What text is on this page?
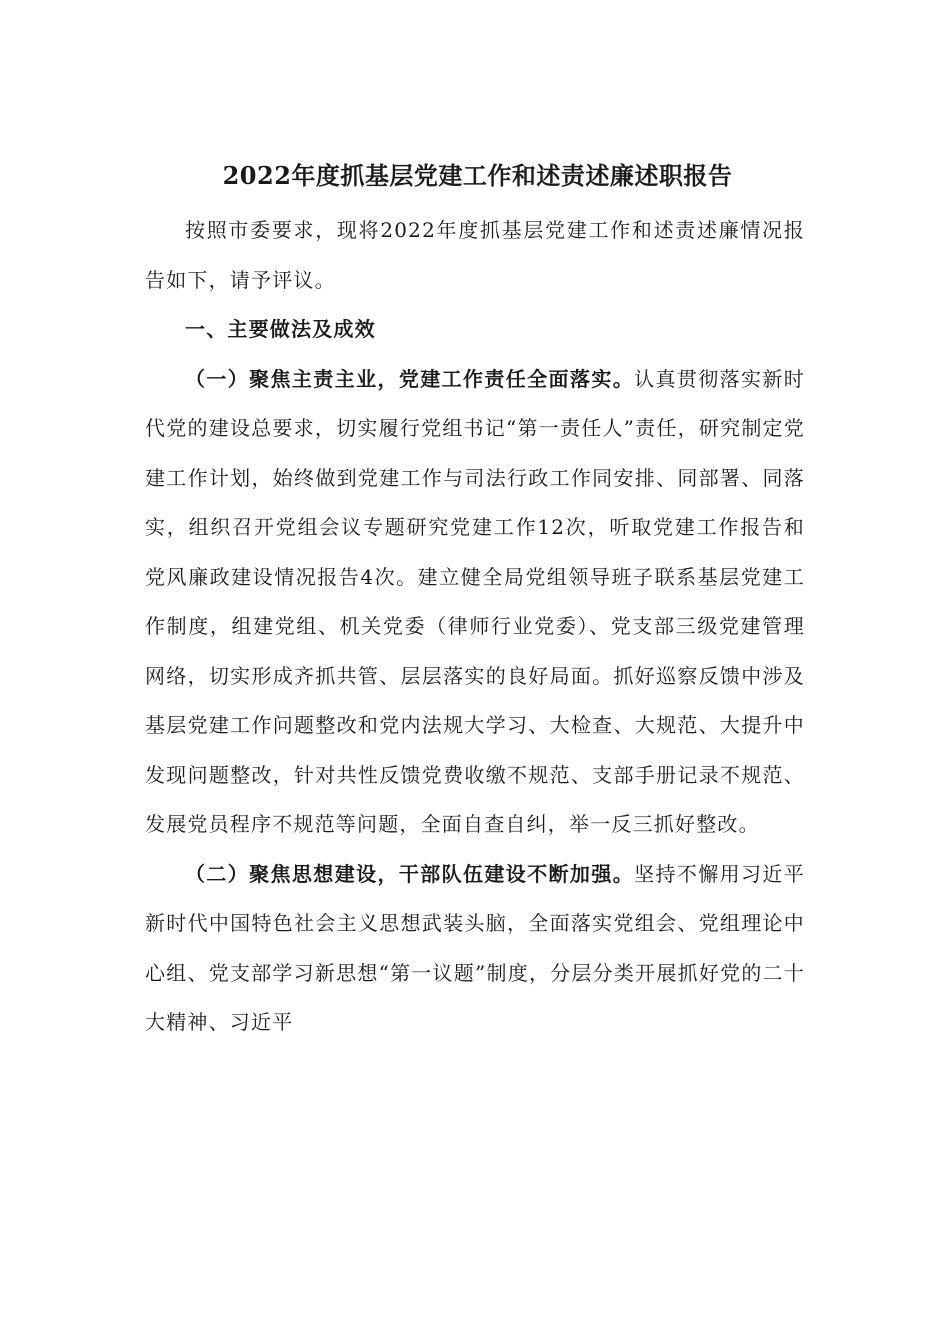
2022年度抓基层党建工作和述责述廉述职报告

按照市委要求，现将2022年度抓基层党建工作和述责述廉情况报告如下，请予评议。

一、主要做法及成效

（一）聚焦主责主业，党建工作责任全面落实。认真贯彻落实新时代党的建设总要求，切实履行党组书记“第一责任人”责任，研究制定党建工作计划，始终做到党建工作与司法行政工作同安排、同部署、同落实，组织召开党组会议专题研究党建工作12次，听取党建工作报告和党风廉政建设情况报告4次。建立健全局党组领导班子联系基层党建工作制度，组建党组、机关党委（律师行业党委）、党支部三级党建管理网络，切实形成齐抓共管、层层落实的良好局面。抓好巡察反馈中涉及基层党建工作问题整改和党内法规大学习、大检查、大规范、大提升中发现问题整改，针对共性反馈党费收缴不规范、支部手册记录不规范、发展党员程序不规范等问题，全面自查自纠，举一反三抓好整改。

（二）聚焦思想建设，干部队伍建设不断加强。坚持不懈用习近平新时代中国特色社会主义思想武装头脑，全面落实党组会、党组理论中心组、党支部学习新思想“第一议题”制度，分层分类开展抓好党的二十大精神、习近平
